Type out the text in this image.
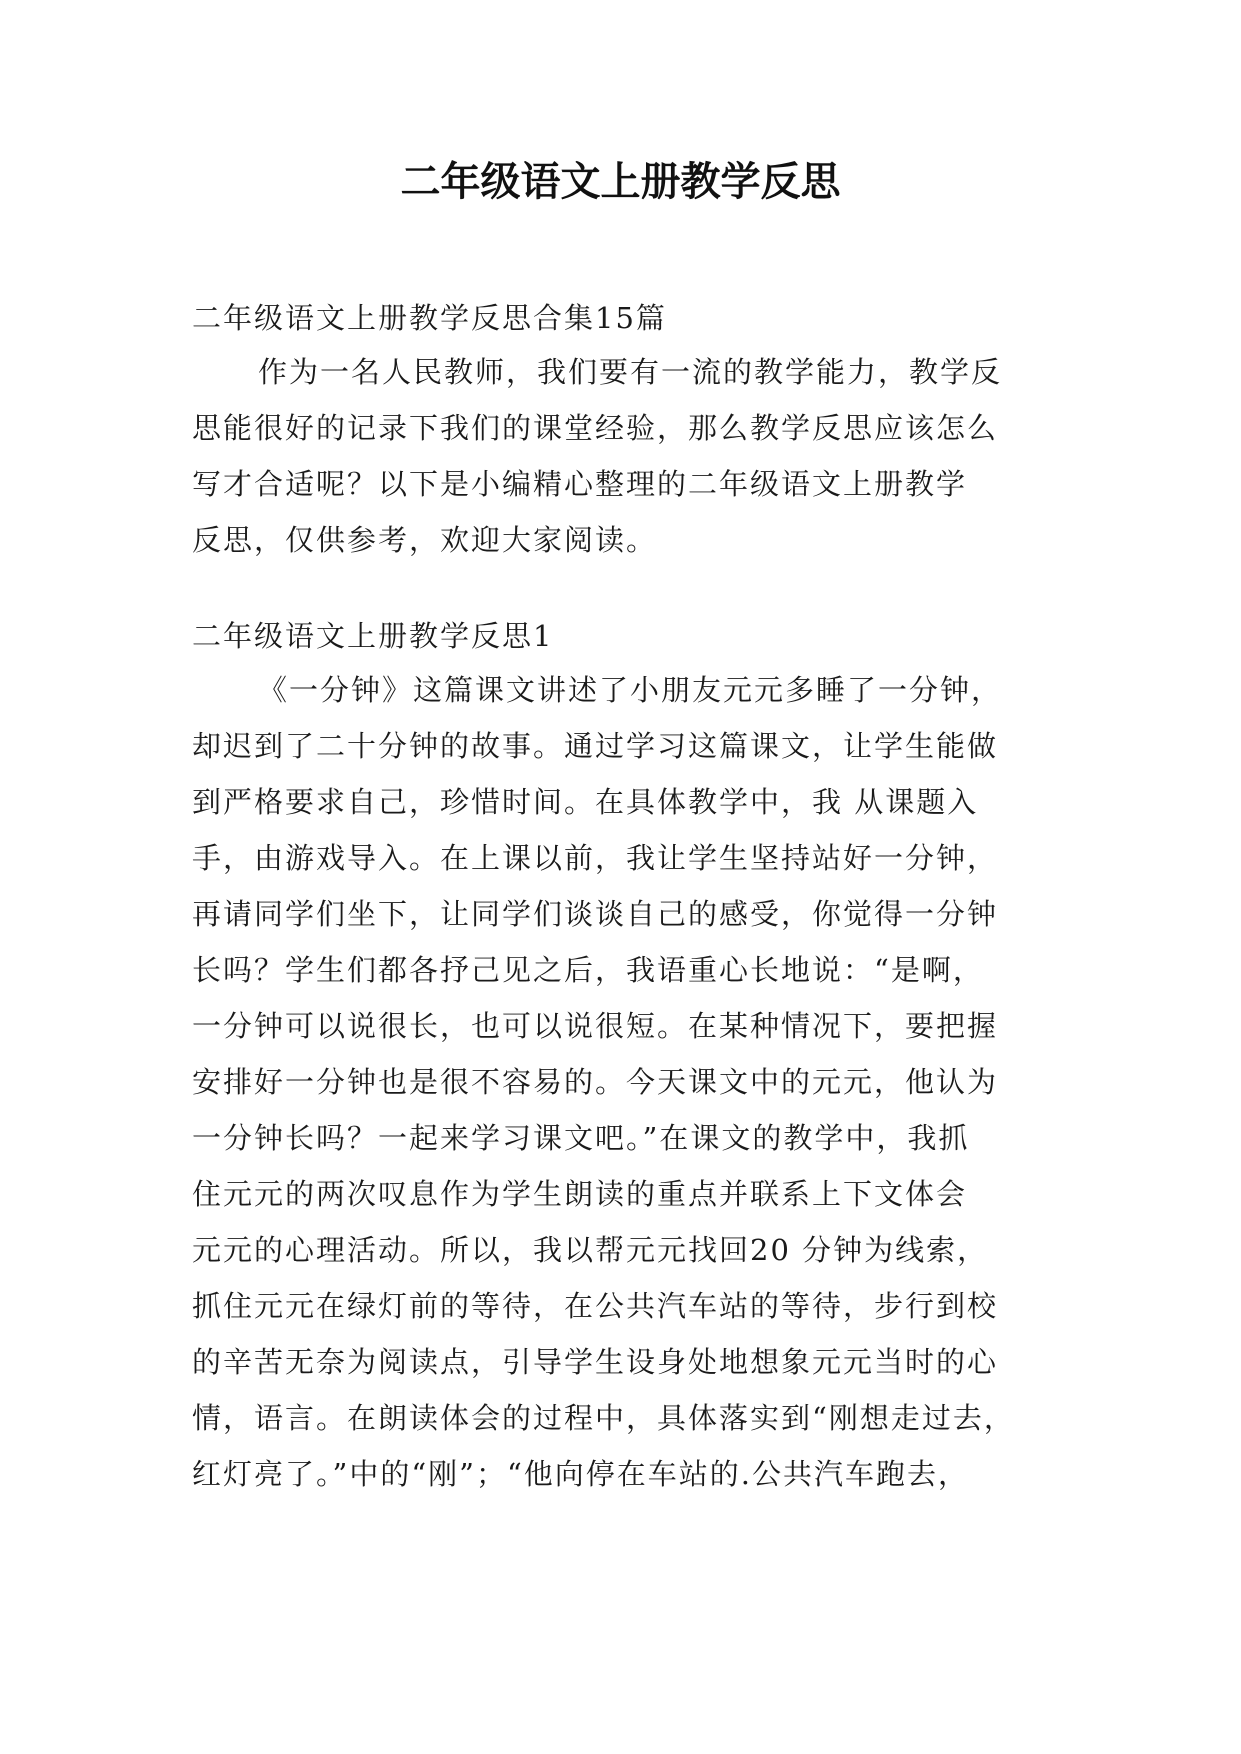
二年级语文上册教学反思
二年级语文上册教学反思合集15篇
作为一名人民教师，我们要有一流的教学能力，教学反
思能很好的记录下我们的课堂经验，那么教学反思应该怎么
写才合适呢？以下是小编精心整理的二年级语文上册教学
反思，仅供参考，欢迎大家阅读。
二年级语文上册教学反思1
《一分钟》这篇课文讲述了小朋友元元多睡了一分钟，
却迟到了二十分钟的故事。通过学习这篇课文，让学生能做
到严格要求自己，珍惜时间。在具体教学中，我 从课题入
手，由游戏导入。在上课以前，我让学生坚持站好一分钟，
再请同学们坐下，让同学们谈谈自己的感受，你觉得一分钟
长吗？学生们都各抒己见之后，我语重心长地说：“是啊，
一分钟可以说很长，也可以说很短。在某种情况下，要把握
安排好一分钟也是很不容易的。今天课文中的元元，他认为
一分钟长吗？一起来学习课文吧。”在课文的教学中，我抓
住元元的两次叹息作为学生朗读的重点并联系上下文体会
元元的心理活动。所以，我以帮元元找回20 分钟为线索，
抓住元元在绿灯前的等待，在公共汽车站的等待，步行到校
的辛苦无奈为阅读点，引导学生设身处地想象元元当时的心
情，语言。在朗读体会的过程中，具体落实到“刚想走过去，
红灯亮了。”中的“刚”；“他向停在车站的.公共汽车跑去，
